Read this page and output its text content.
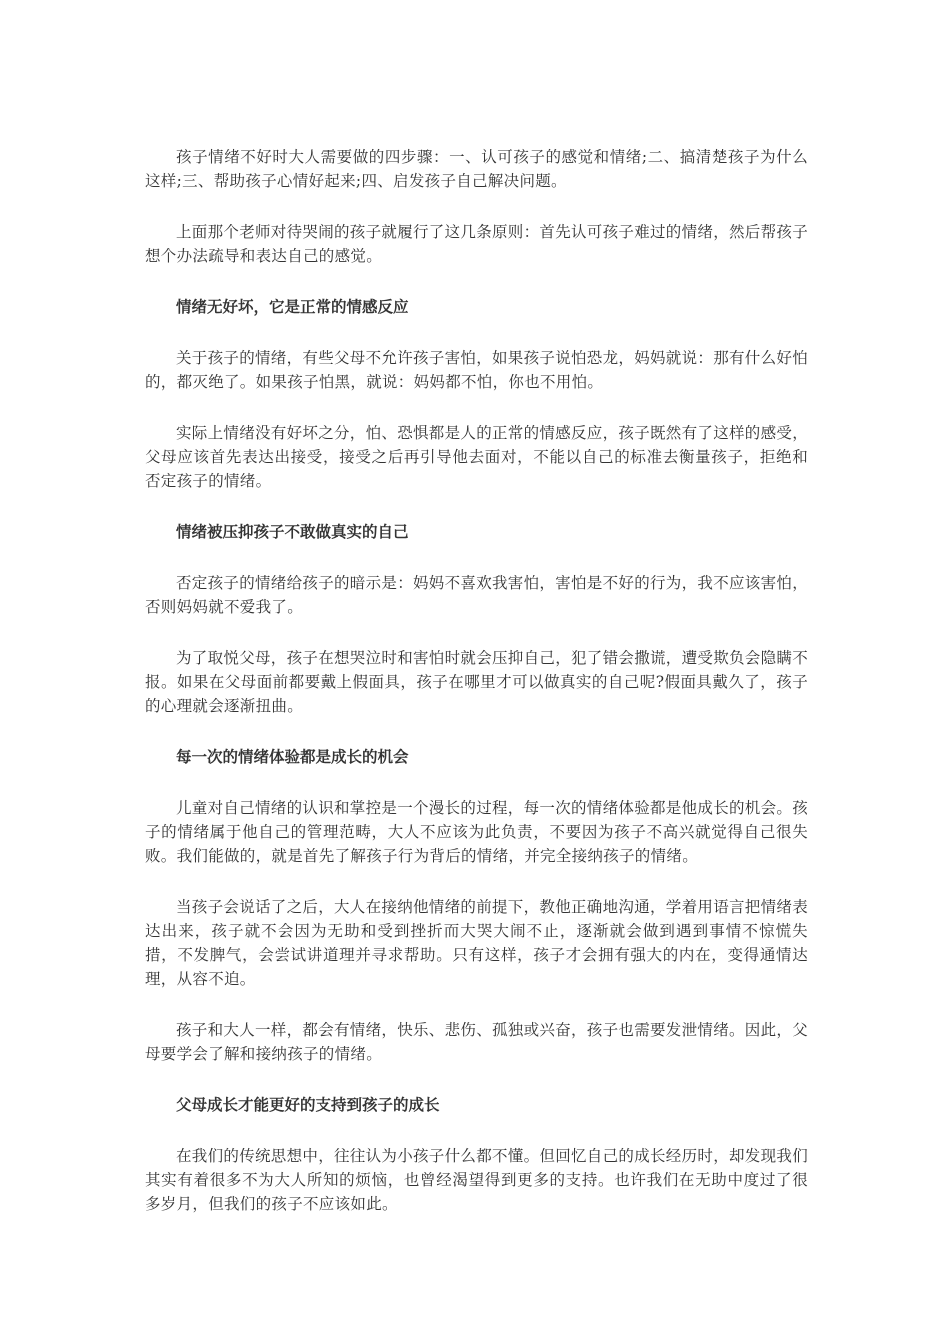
孩子情绪不好时大人需要做的四步骤：一、认可孩子的感觉和情绪;二、搞清楚孩子为什么这样;三、帮助孩子心情好起来;四、启发孩子自己解决问题。

上面那个老师对待哭闹的孩子就履行了这几条原则：首先认可孩子难过的情绪，然后帮孩子想个办法疏导和表达自己的感觉。

情绪无好坏，它是正常的情感反应

关于孩子的情绪，有些父母不允许孩子害怕，如果孩子说怕恐龙，妈妈就说：那有什么好怕的，都灭绝了。如果孩子怕黑，就说：妈妈都不怕，你也不用怕。

实际上情绪没有好坏之分，怕、恐惧都是人的正常的情感反应，孩子既然有了这样的感受，父母应该首先表达出接受，接受之后再引导他去面对，不能以自己的标准去衡量孩子，拒绝和否定孩子的情绪。

情绪被压抑孩子不敢做真实的自己

否定孩子的情绪给孩子的暗示是：妈妈不喜欢我害怕，害怕是不好的行为，我不应该害怕，否则妈妈就不爱我了。

为了取悦父母，孩子在想哭泣时和害怕时就会压抑自己，犯了错会撒谎，遭受欺负会隐瞒不报。如果在父母面前都要戴上假面具，孩子在哪里才可以做真实的自己呢?假面具戴久了，孩子的心理就会逐渐扭曲。

每一次的情绪体验都是成长的机会

儿童对自己情绪的认识和掌控是一个漫长的过程，每一次的情绪体验都是他成长的机会。孩子的情绪属于他自己的管理范畴，大人不应该为此负责，不要因为孩子不高兴就觉得自己很失败。我们能做的，就是首先了解孩子行为背后的情绪，并完全接纳孩子的情绪。

当孩子会说话了之后，大人在接纳他情绪的前提下，教他正确地沟通，学着用语言把情绪表达出来，孩子就不会因为无助和受到挫折而大哭大闹不止，逐渐就会做到遇到事情不惊慌失措，不发脾气，会尝试讲道理并寻求帮助。只有这样，孩子才会拥有强大的内在，变得通情达理，从容不迫。

孩子和大人一样，都会有情绪，快乐、悲伤、孤独或兴奋，孩子也需要发泄情绪。因此，父母要学会了解和接纳孩子的情绪。

父母成长才能更好的支持到孩子的成长

在我们的传统思想中，往往认为小孩子什么都不懂。但回忆自己的成长经历时，却发现我们其实有着很多不为大人所知的烦恼，也曾经渴望得到更多的支持。也许我们在无助中度过了很多岁月，但我们的孩子不应该如此。
